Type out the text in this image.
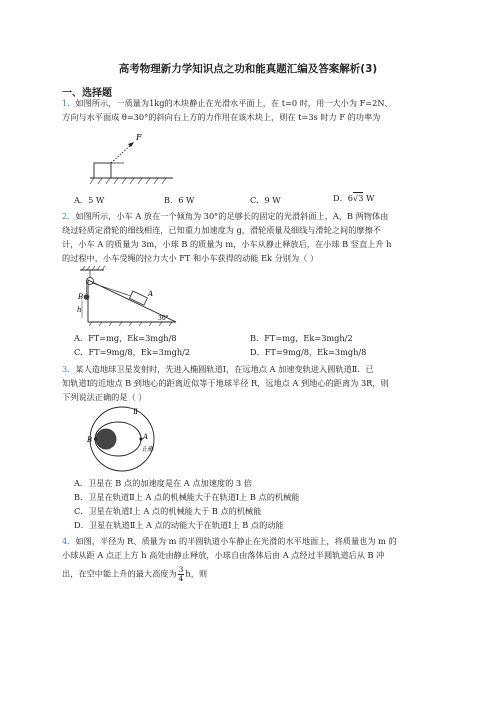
高考物理新力学知识点之功和能真题汇编及答案解析(3)
一、选择题
1．如图所示，一质量为1kg的木块静止在光滑水平面上，在 t=0 时，用一大小为 F=2N、
方向与水平面成 θ=30°的斜向右上方的力作用在该木块上，则在 t=3s 时力 F 的功率为
F
A．5 W	B．6 W	C．9 W	D．6√3 W
2．如图所示，小车 A 放在一个倾角为 30°的足够长的固定的光滑斜面上，A、B 两物体由
绕过轻质定滑轮的细线相连，已知重力加速度为 g，滑轮质量及细线与滑轮之间的摩擦不
计，小车 A 的质量为 3m，小球 B 的质量为 m，小车从静止释放后，在小球 B 竖直上升 h
的过程中，小车受绳的拉力大小 FT 和小车获得的动能 Ek 分别为（ ）
B
h
A
30°
A．FT=mg，Ek=3mgh/8	B．FT=mg，Ek=3mgh/2
C．FT=9mg/8，Ek=3mgh/2	D．FT=9mg/8，Ek=3mgh/8
3．某人造地球卫星发射时，先进入椭圆轨道Ⅰ，在远地点 A 加速变轨进入圆轨道Ⅱ．已
知轨道Ⅰ的近地点 B 到地心的距离近似等于地球半径 R，远地点 A 到地心的距离为 3R，则
下列说法正确的是（ ）
B	A
Ⅱ
正確
A．卫星在 B 点的加速度是在 A 点加速度的 3 倍
B．卫星在轨道Ⅱ上 A 点的机械能大于在轨道Ⅰ上 B 点的机械能
C．卫星在轨道Ⅰ上 A 点的机械能大于 B 点的机械能
D．卫星在轨道Ⅱ上 A 点的动能大于在轨道Ⅰ上 B 点的动能
4．如图，半径为 R、质量为 m 的半圆轨道小车静止在光滑的水平地面上，将质量也为 m 的
小球从距 A 点正上方 h 高处由静止释放，小球自由落体后由 A 点经过半圆轨道后从 B 冲
出，在空中能上升的最大高度为 $\frac{3}{4}$ h，则
